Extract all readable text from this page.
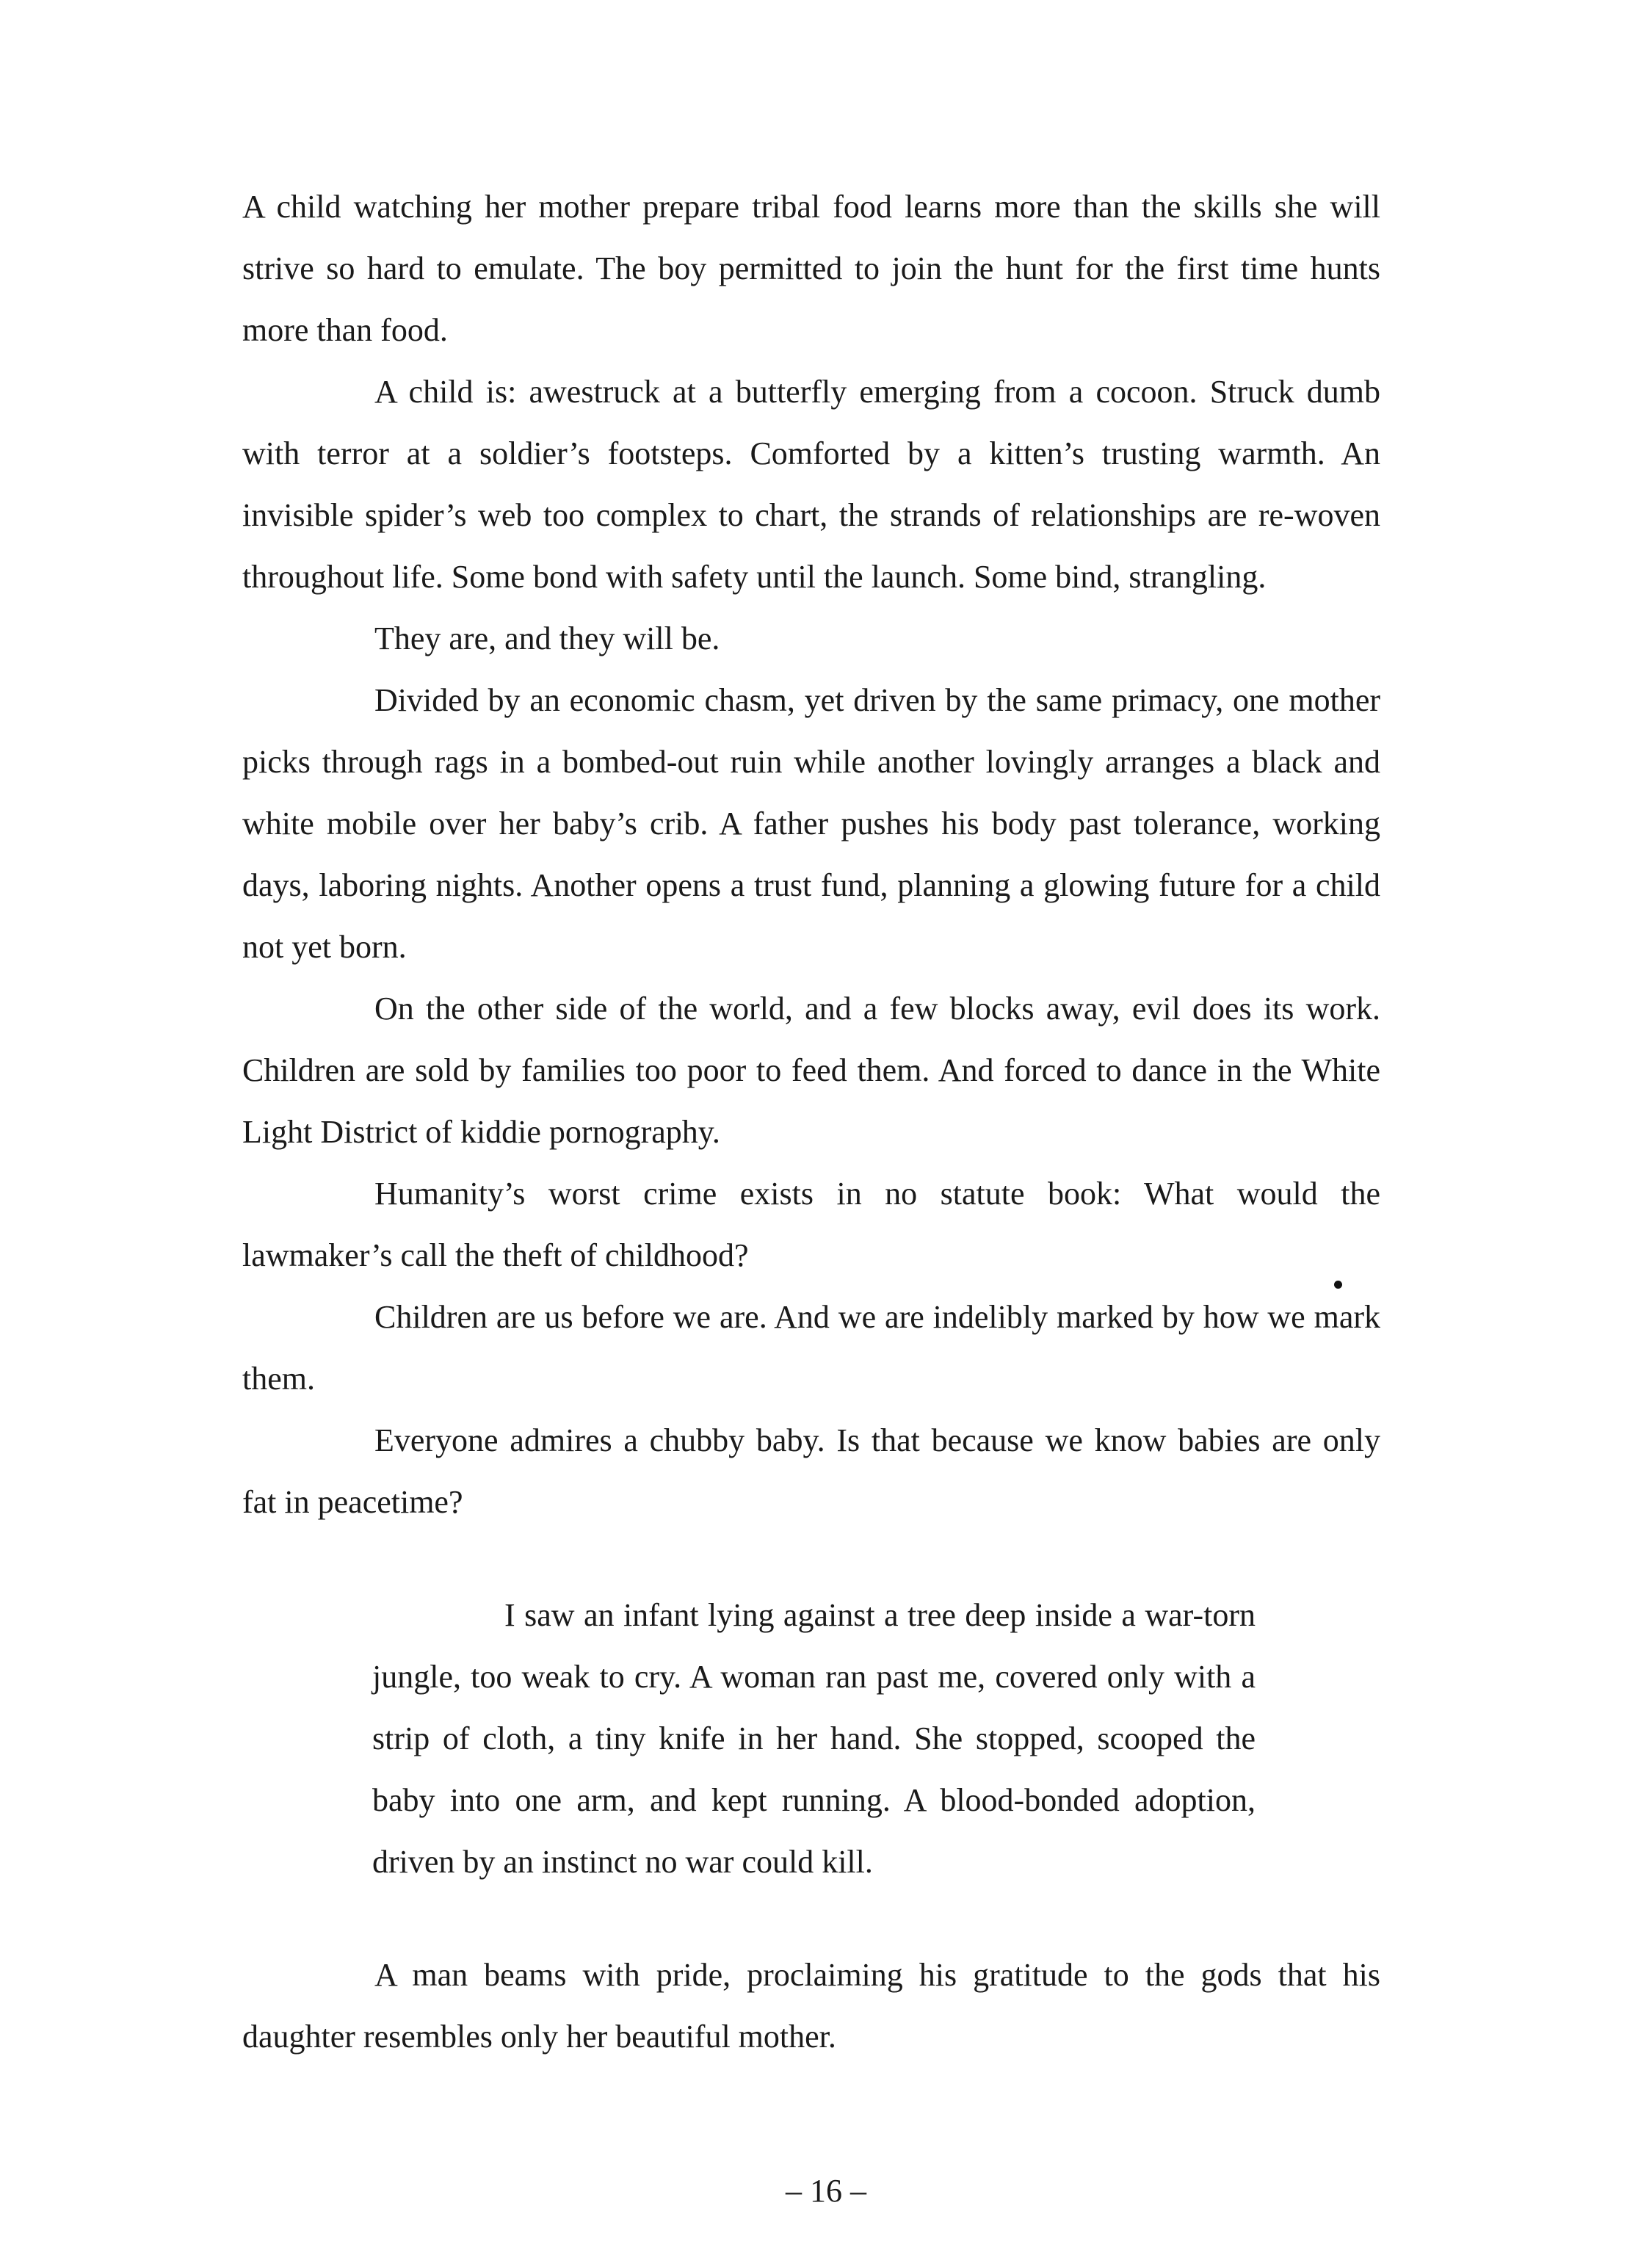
A child watching her mother prepare tribal food learns more than the skills she will strive so hard to emulate. The boy permitted to join the hunt for the first time hunts more than food.

A child is: awestruck at a butterfly emerging from a cocoon. Struck dumb with terror at a soldier’s footsteps. Comforted by a kitten’s trusting warmth. An invisible spider’s web too complex to chart, the strands of relationships are re-woven throughout life. Some bond with safety until the launch. Some bind, strangling.

They are, and they will be.

Divided by an economic chasm, yet driven by the same primacy, one mother picks through rags in a bombed-out ruin while another lovingly arranges a black and white mobile over her baby’s crib. A father pushes his body past tolerance, working days, laboring nights. Another opens a trust fund, planning a glowing future for a child not yet born.

On the other side of the world, and a few blocks away, evil does its work. Children are sold by families too poor to feed them. And forced to dance in the White Light District of kiddie pornography.

Humanity’s worst crime exists in no statute book: What would the lawmaker’s call the theft of childhood?

Children are us before we are. And we are indelibly marked by how we mark them.

Everyone admires a chubby baby. Is that because we know babies are only fat in peacetime?

I saw an infant lying against a tree deep inside a war-torn jungle, too weak to cry. A woman ran past me, covered only with a strip of cloth, a tiny knife in her hand. She stopped, scooped the baby into one arm, and kept running. A blood-bonded adoption, driven by an instinct no war could kill.

A man beams with pride, proclaiming his gratitude to the gods that his daughter resembles only her beautiful mother.

– 16 –
